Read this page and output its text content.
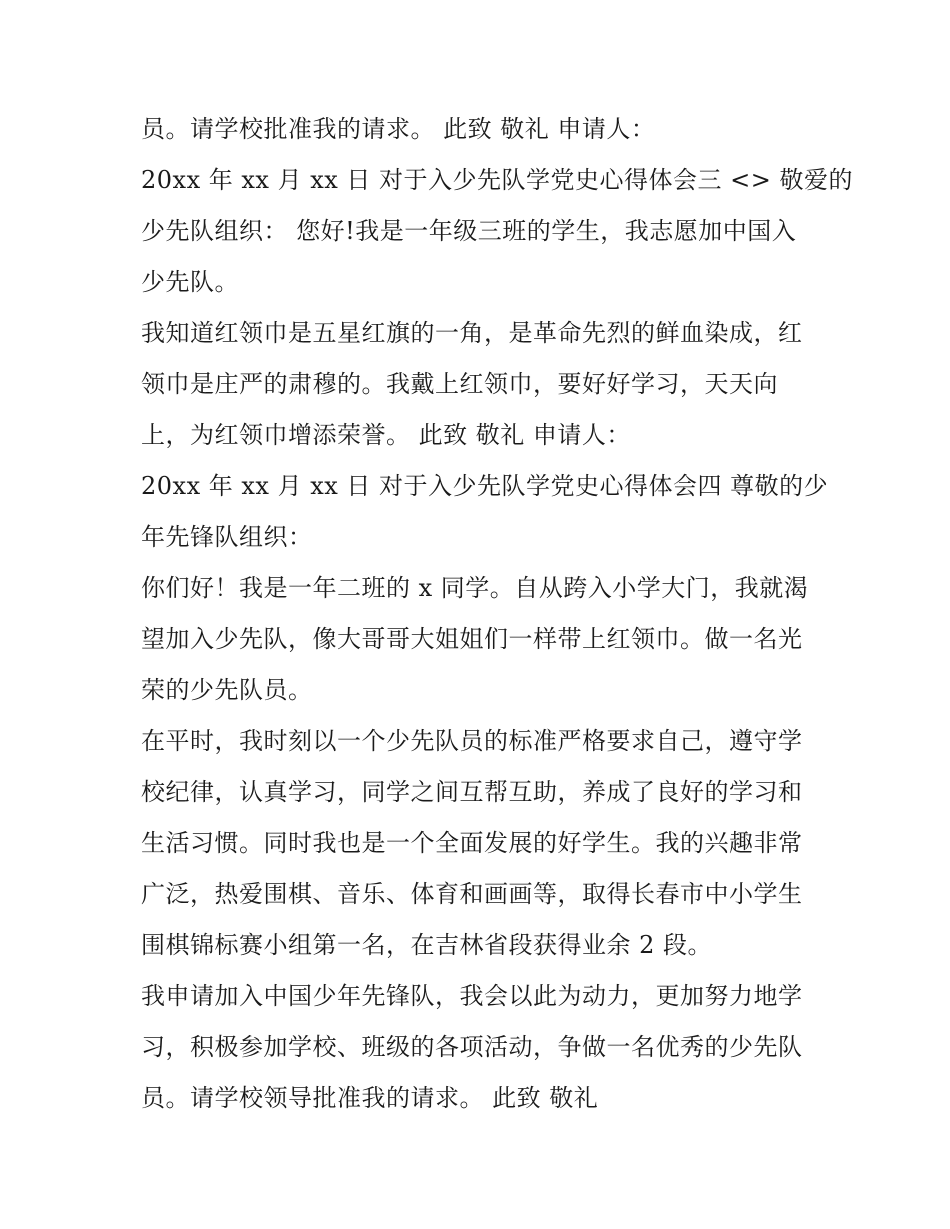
员。请学校批准我的请求。 此致 敬礼 申请人：
20xx 年 xx 月 xx 日 对于入少先队学党史心得体会三 <> 敬爱的
少先队组织： 您好!我是一年级三班的学生，我志愿加中国入
少先队。
我知道红领巾是五星红旗的一角，是革命先烈的鲜血染成，红
领巾是庄严的肃穆的。我戴上红领巾，要好好学习，天天向
上，为红领巾增添荣誉。 此致 敬礼 申请人：
20xx 年 xx 月 xx 日 对于入少先队学党史心得体会四 尊敬的少
年先锋队组织：
你们好！我是一年二班的 x 同学。自从跨入小学大门，我就渴
望加入少先队，像大哥哥大姐姐们一样带上红领巾。做一名光
荣的少先队员。
在平时，我时刻以一个少先队员的标准严格要求自己，遵守学
校纪律，认真学习，同学之间互帮互助，养成了良好的学习和
生活习惯。同时我也是一个全面发展的好学生。我的兴趣非常
广泛，热爱围棋、音乐、体育和画画等，取得长春市中小学生
围棋锦标赛小组第一名，在吉林省段获得业余 2 段。
我申请加入中国少年先锋队，我会以此为动力，更加努力地学
习，积极参加学校、班级的各项活动，争做一名优秀的少先队
员。请学校领导批准我的请求。 此致 敬礼
